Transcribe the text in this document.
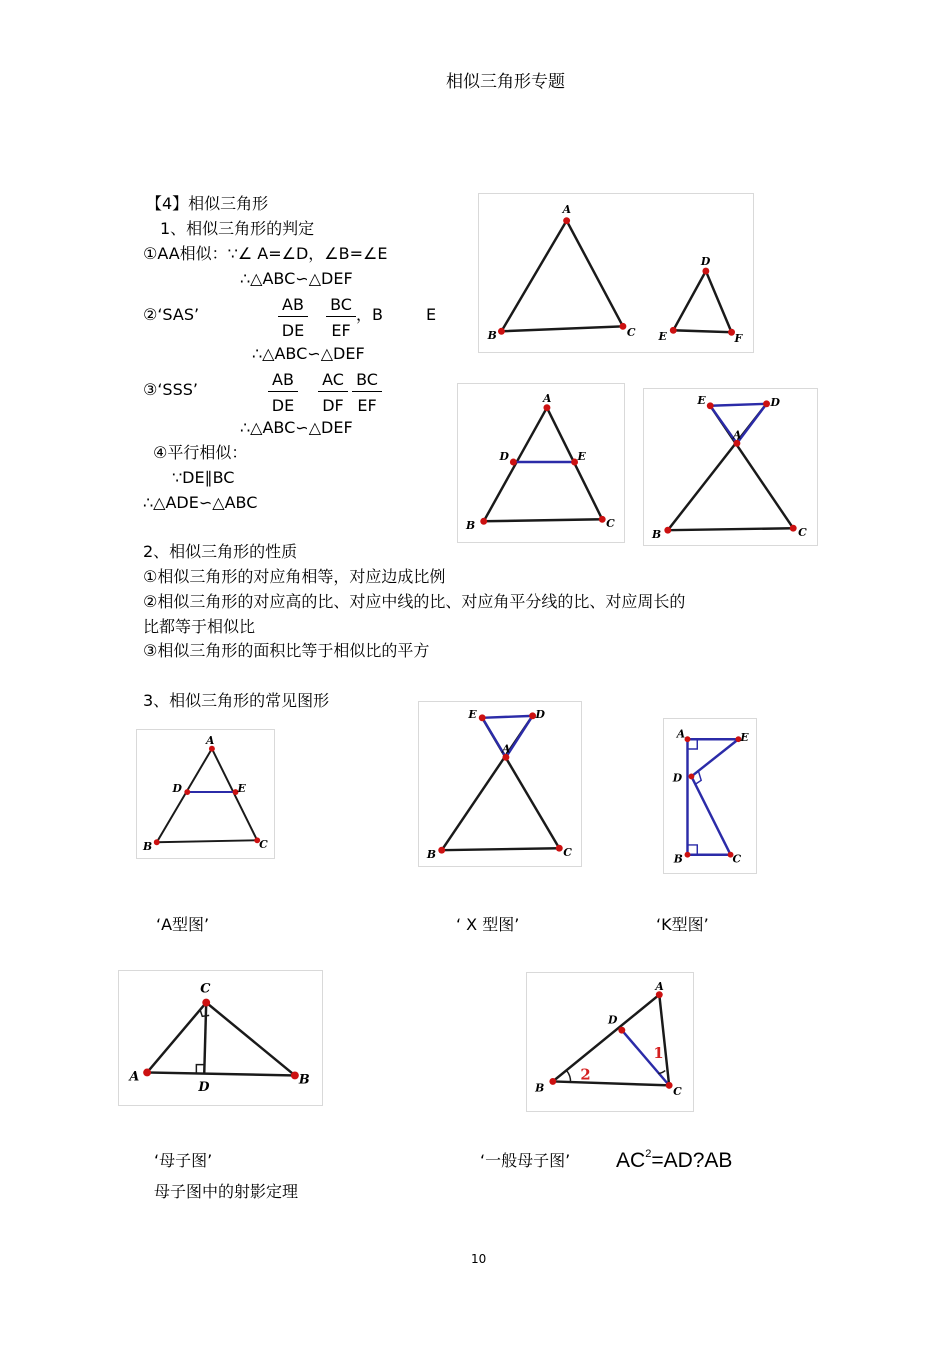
相似三角形专题
【4】相似三角形
1、相似三角形的判定
①AA相似：∵∠ A=∠D，∠B=∠E
∴△ABC∽△DEF
②‘SAS’	$\frac{AB}{DE} \frac{BC}{EF}$ ，B	E
∴△ABC∽△DEF
③‘SSS’	$\frac{AB}{DE} \frac{AC}{DF} \frac{BC}{EF}$
∴△ABC∽△DEF
④平行相似：
∵DE∥BC
∴△ADE∽△ABC
2、相似三角形的性质
①相似三角形的对应角相等，对应边成比例
②相似三角形的对应高的比、对应中线的比、对应角平分线的比、对应周长的
比都等于相似比
③相似三角形的面积比等于相似比的平方
3、相似三角形的常见图形
‘A型图’	‘ X 型图’	‘K型图’
‘母子图’	‘一般母子图’ $AC^2=AD?AB$
母子图中的射影定理
10
A
B	C
D
E	F
A
D	E
B	C
E	D
A
B	C
A
D	E
B	C
E	D
A
B	C
A	E
D
B	C
C
A	B
D
A
D
B	C
1
2
